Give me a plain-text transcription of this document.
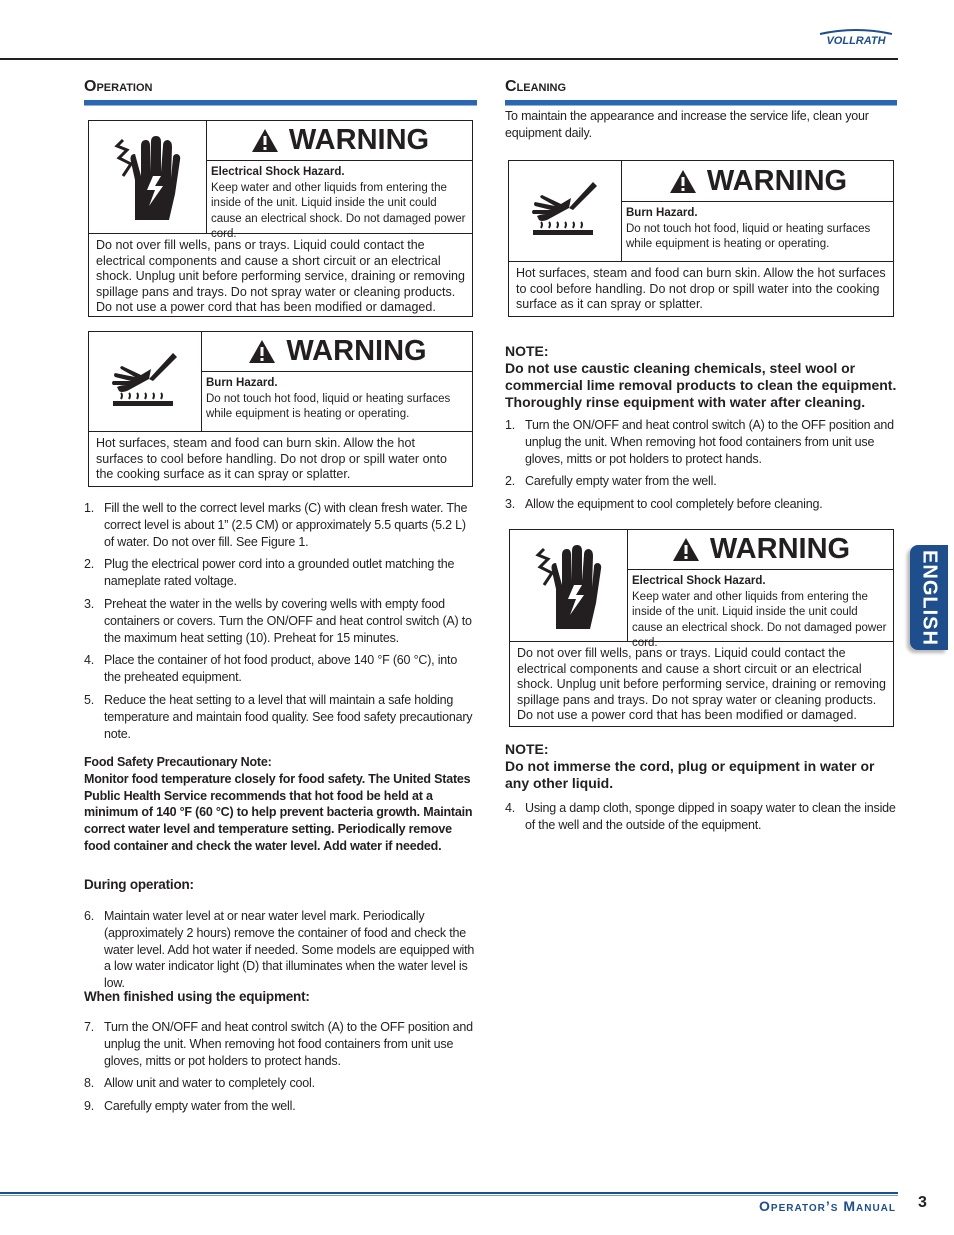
VOLLRATH
ENGLISH
Operation
WARNING
Electrical Shock Hazard.
Keep water and other liquids from entering the inside of the unit. Liquid inside the unit could cause an electrical shock. Do not damaged power cord.
Do not over fill wells, pans or trays. Liquid could contact the electrical components and cause a short circuit or an electrical shock. Unplug unit before performing service, draining or removing spillage pans and trays. Do not spray water or cleaning products. Do not use a power cord that has been modified or damaged.
WARNING
Burn Hazard.
Do not touch hot food, liquid or heating surfaces while equipment is heating or operating.
Hot surfaces, steam and food can burn skin. Allow the hot surfaces to cool before handling. Do not drop or spill water onto the cooking surface as it can spray or splatter.
1. Fill the well to the correct level marks (C) with clean fresh water. The correct level is about 1” (2.5 CM) or approximately 5.5 quarts (5.2 L) of water. Do not over fill. See Figure 1.
2. Plug the electrical power cord into a grounded outlet matching the nameplate rated voltage.
3. Preheat the water in the wells by covering wells with empty food containers or covers. Turn the ON/OFF and heat control switch (A) to the maximum heat setting (10). Preheat for 15 minutes.
4. Place the container of hot food product, above 140 °F (60 °C), into the preheated equipment.
5. Reduce the heat setting to a level that will maintain a safe holding temperature and maintain food quality. See food safety precautionary note.
Food Safety Precautionary Note:
Monitor food temperature closely for food safety. The United States Public Health Service recommends that hot food be held at a minimum of 140 °F (60 °C) to help prevent bacteria growth. Maintain correct water level and temperature setting. Periodically remove food container and check the water level. Add water if needed.
During operation:
6. Maintain water level at or near water level mark. Periodically (approximately 2 hours) remove the container of food and check the water level. Add hot water if needed. Some models are equipped with a low water indicator light (D) that illuminates when the water level is low.
When finished using the equipment:
7. Turn the ON/OFF and heat control switch (A) to the OFF position and unplug the unit. When removing hot food containers from unit use gloves, mitts or pot holders to protect hands.
8. Allow unit and water to completely cool.
9. Carefully empty water from the well.
Cleaning
To maintain the appearance and increase the service life, clean your equipment daily.
WARNING
Burn Hazard.
Do not touch hot food, liquid or heating surfaces while equipment is heating or operating.
Hot surfaces, steam and food can burn skin. Allow the hot surfaces to cool before handling. Do not drop or spill water into the cooking surface as it can spray or splatter.
NOTE:
Do not use caustic cleaning chemicals, steel wool or commercial lime removal products to clean the equipment. Thoroughly rinse equipment with water after cleaning.
1. Turn the ON/OFF and heat control switch (A) to the OFF position and unplug the unit. When removing hot food containers from unit use gloves, mitts or pot holders to protect hands.
2. Carefully empty water from the well.
3. Allow the equipment to cool completely before cleaning.
WARNING
Electrical Shock Hazard.
Keep water and other liquids from entering the inside of the unit. Liquid inside the unit could cause an electrical shock. Do not damaged power cord.
Do not over fill wells, pans or trays. Liquid could contact the electrical components and cause a short circuit or an electrical shock. Unplug unit before performing service, draining or removing spillage pans and trays. Do not spray water or cleaning products. Do not use a power cord that has been modified or damaged.
NOTE:
Do not immerse the cord, plug or equipment in water or any other liquid.
4. Using a damp cloth, sponge dipped in soapy water to clean the inside of the well and the outside of the equipment.
Operator’s Manual 3
